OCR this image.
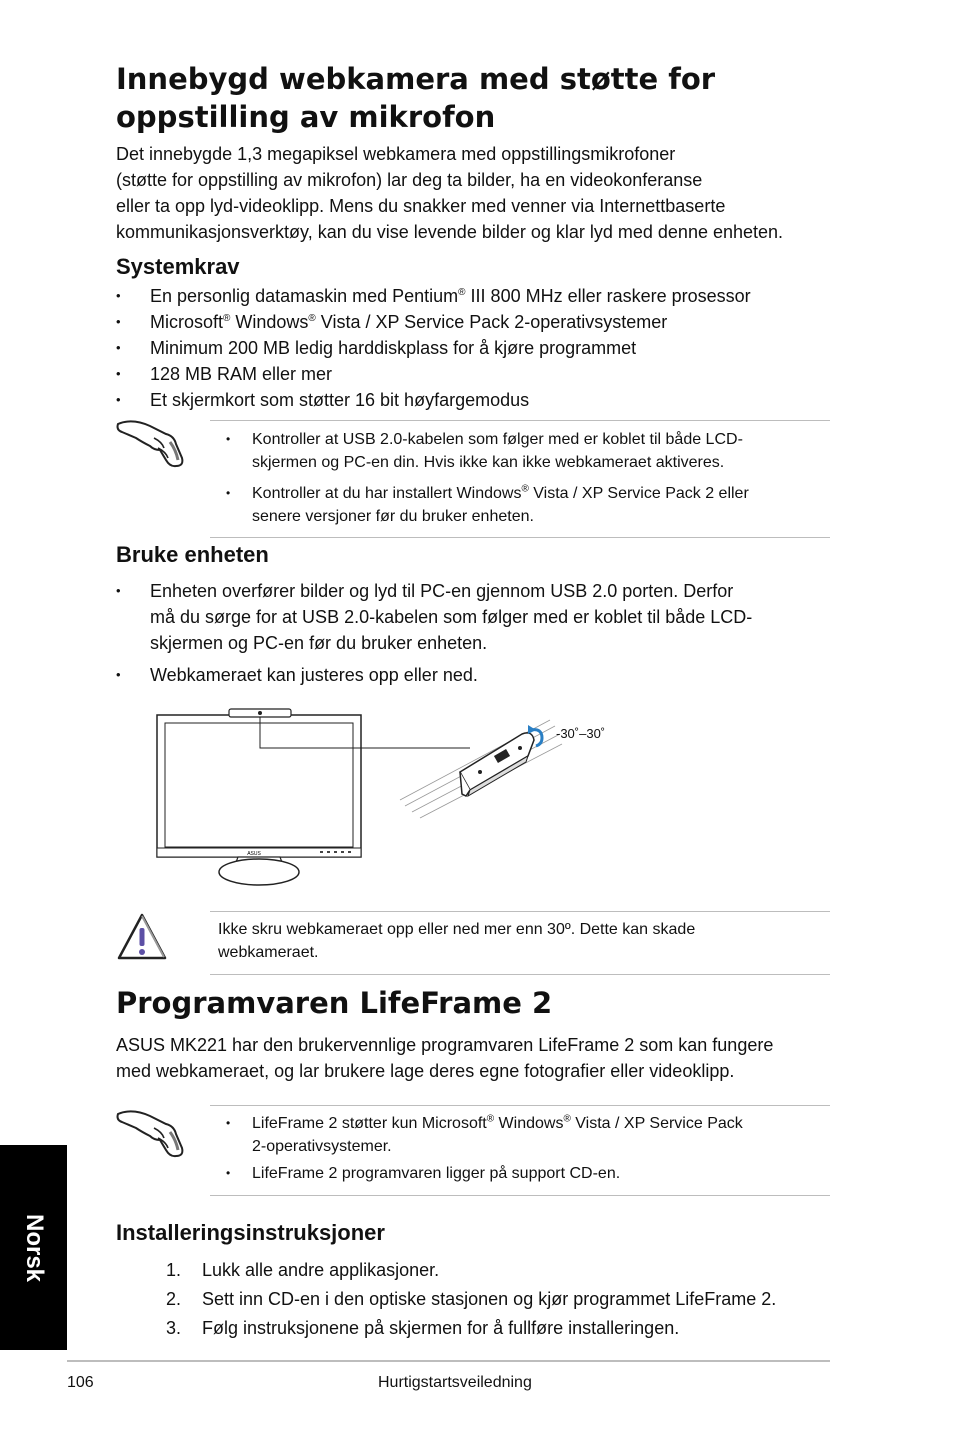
Innebygd webkamera med støtte for
oppstilling av mikrofon

Det innebygde 1,3 megapiksel webkamera med oppstillingsmikrofoner

(støtte for oppstilling av mikrofon) lar deg ta bilder, ha en videokonferanse

eller ta opp lyd-videoklipp. Mens du snakker med venner via Internettbaserte

kommunikasjonsverktøy, kan du vise levende bilder og klar lyd med denne enheten.

Systemkrav
• En personlig datamaskin med Pentium® III 800 MHz eller raskere prosessor
• Microsoft® Windows® Vista / XP Service Pack 2-operativsystemer
• Minimum 200 MB ledig harddiskplass for å kjøre programmet
• 128 MB RAM eller mer
• Et skjermkort som støtter 16 bit høyfargemodus
• Kontroller at USB 2.0-kabelen som følger med er koblet til både LCD-
skjermen og PC-en din. Hvis ikke kan ikke webkameraet aktiveres.
• Kontroller at du har installert Windows® Vista / XP Service Pack 2 eller
senere versjoner før du bruker enheten.
Bruke enheten
• Enheten overfører bilder og lyd til PC-en gjennom USB 2.0 porten. Derfor
må du sørge for at USB 2.0-kabelen som følger med er koblet til både LCD-
skjermen og PC-en før du bruker enheten.
• Webkameraet kan justeres opp eller ned.
ASUS
-30˚–30˚

Ikke skru webkameraet opp eller ned mer enn 30º. Dette kan skade

webkameraet.

Programvaren LifeFrame 2

ASUS MK221 har den brukervennlige programvaren LifeFrame 2 som kan fungere

med webkameraet, og lar brukere lage deres egne fotografier eller videoklipp.

• LifeFrame 2 støtter kun Microsoft® Windows® Vista / XP Service Pack
2-operativsystemer.
• LifeFrame 2 programvaren ligger på support CD-en.
Installeringsinstruksjoner
1. Lukk alle andre applikasjoner.
2. Sett inn CD-en i den optiske stasjonen og kjør programmet LifeFrame 2.
3. Følg instruksjonene på skjermen for å fullføre installeringen.
Norsk
106	Hurtigstartsveiledning
